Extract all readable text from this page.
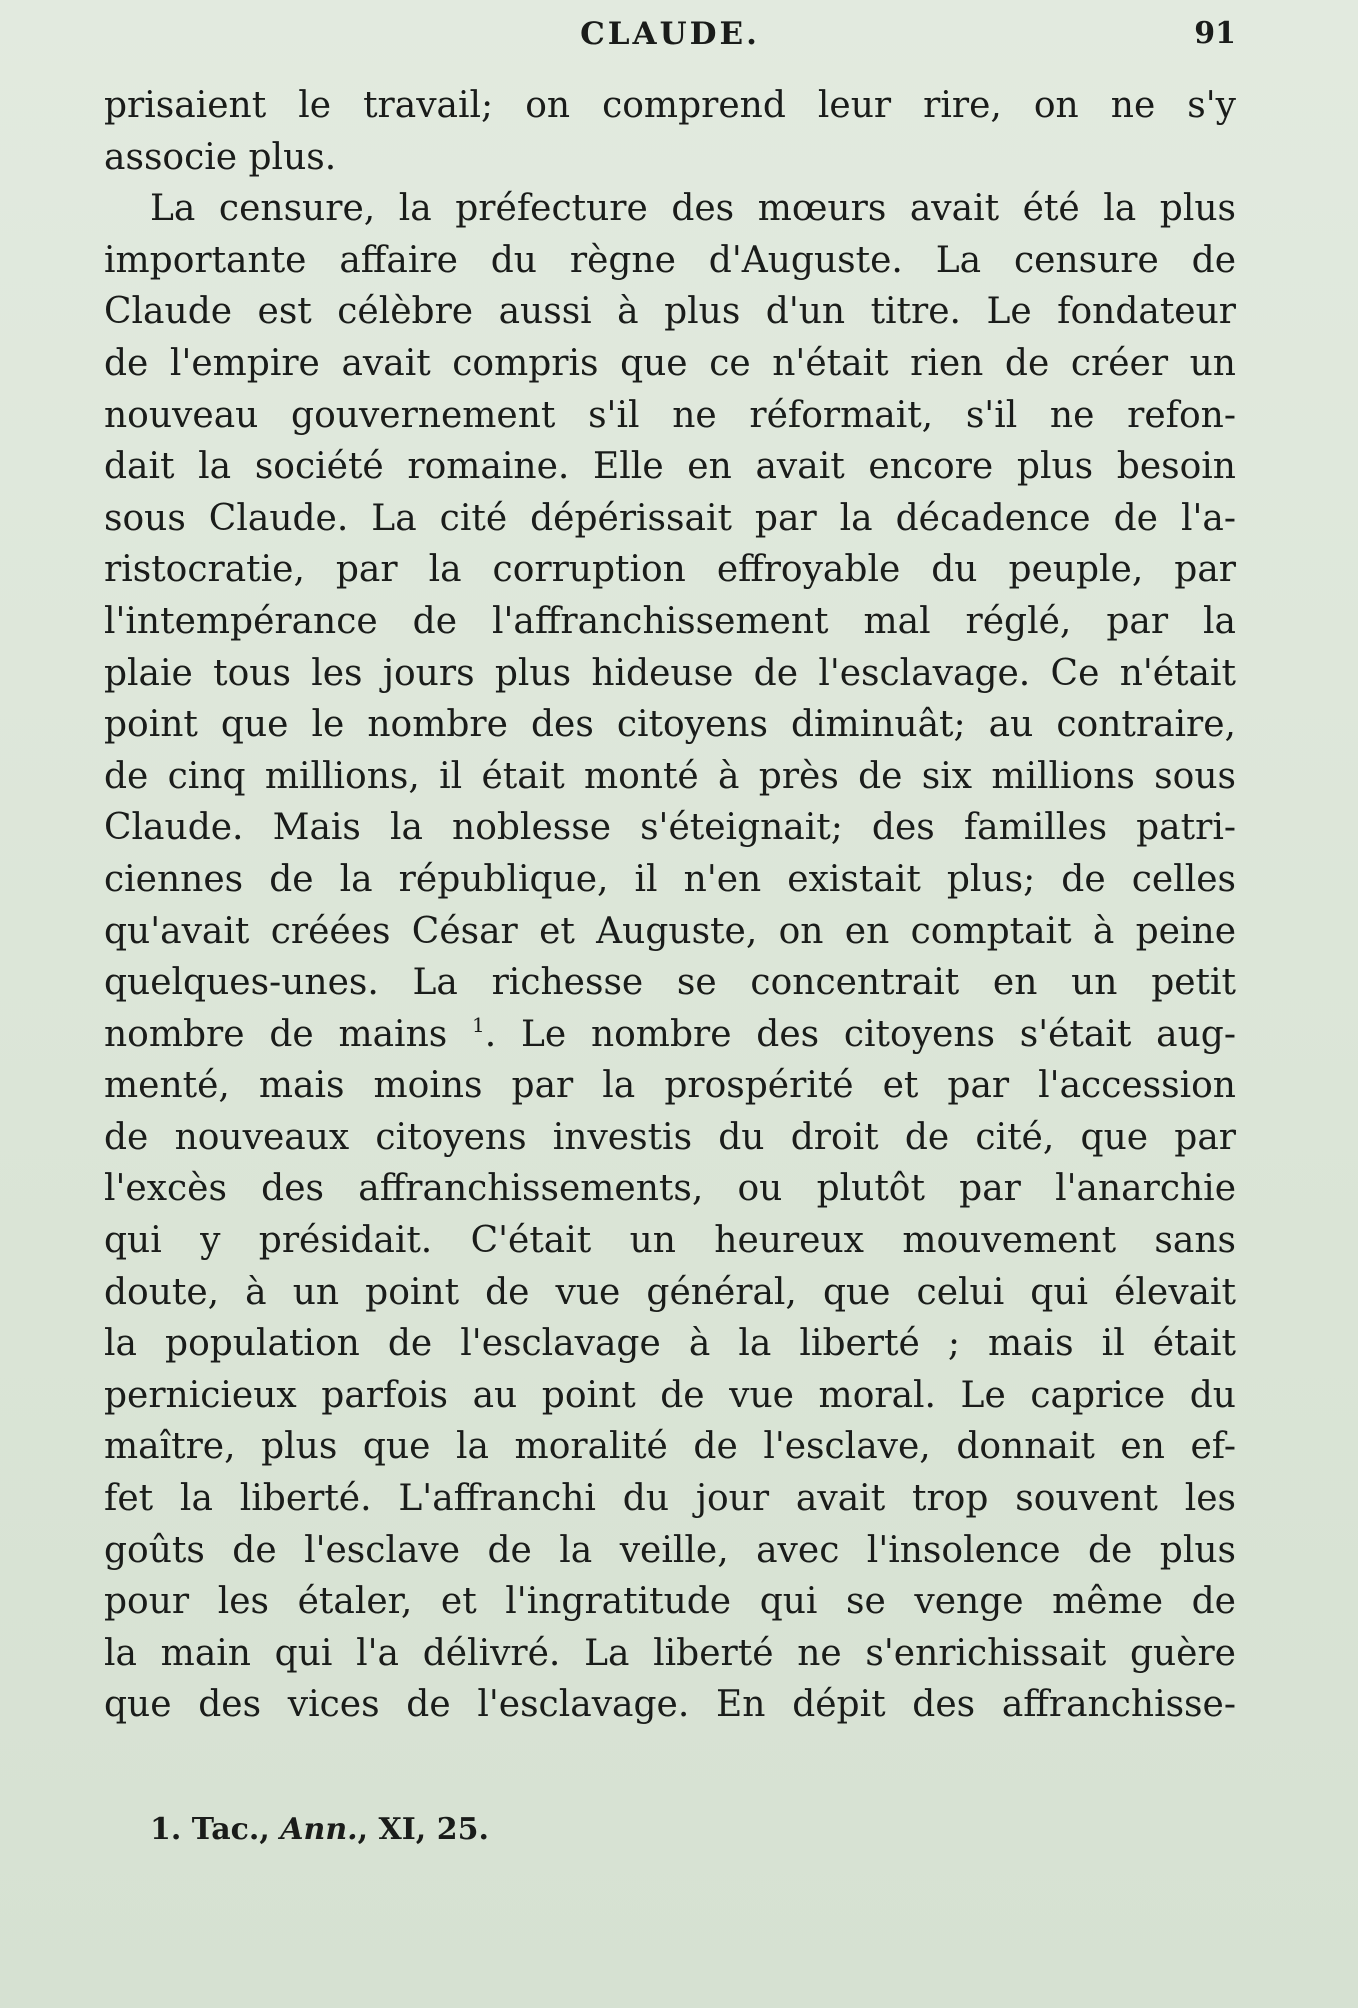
CLAUDE.	91
prisaient le travail; on comprend leur rire, on ne s'y
associe plus.
La censure, la préfecture des mœurs avait été la plus
importante affaire du règne d'Auguste. La censure de
Claude est célèbre aussi à plus d'un titre. Le fondateur
de l'empire avait compris que ce n'était rien de créer un
nouveau gouvernement s'il ne réformait, s'il ne refon-
dait la société romaine. Elle en avait encore plus besoin
sous Claude. La cité dépérissait par la décadence de l'a-
ristocratie, par la corruption effroyable du peuple, par
l'intempérance de l'affranchissement mal réglé, par la
plaie tous les jours plus hideuse de l'esclavage. Ce n'était
point que le nombre des citoyens diminuât; au contraire,
de cinq millions, il était monté à près de six millions sous
Claude. Mais la noblesse s'éteignait; des familles patri-
ciennes de la république, il n'en existait plus; de celles
qu'avait créées César et Auguste, on en comptait à peine
quelques-unes. La richesse se concentrait en un petit
nombre de mains $^1$. Le nombre des citoyens s'était aug-
menté, mais moins par la prospérité et par l'accession
de nouveaux citoyens investis du droit de cité, que par
l'excès des affranchissements, ou plutôt par l'anarchie
qui y présidait. C'était un heureux mouvement sans
doute, à un point de vue général, que celui qui élevait
la population de l'esclavage à la liberté ; mais il était
pernicieux parfois au point de vue moral. Le caprice du
maître, plus que la moralité de l'esclave, donnait en ef-
fet la liberté. L'affranchi du jour avait trop souvent les
goûts de l'esclave de la veille, avec l'insolence de plus
pour les étaler, et l'ingratitude qui se venge même de
la main qui l'a délivré. La liberté ne s'enrichissait guère
que des vices de l'esclavage. En dépit des affranchisse-
1. Tac., Ann., XI, 25.
